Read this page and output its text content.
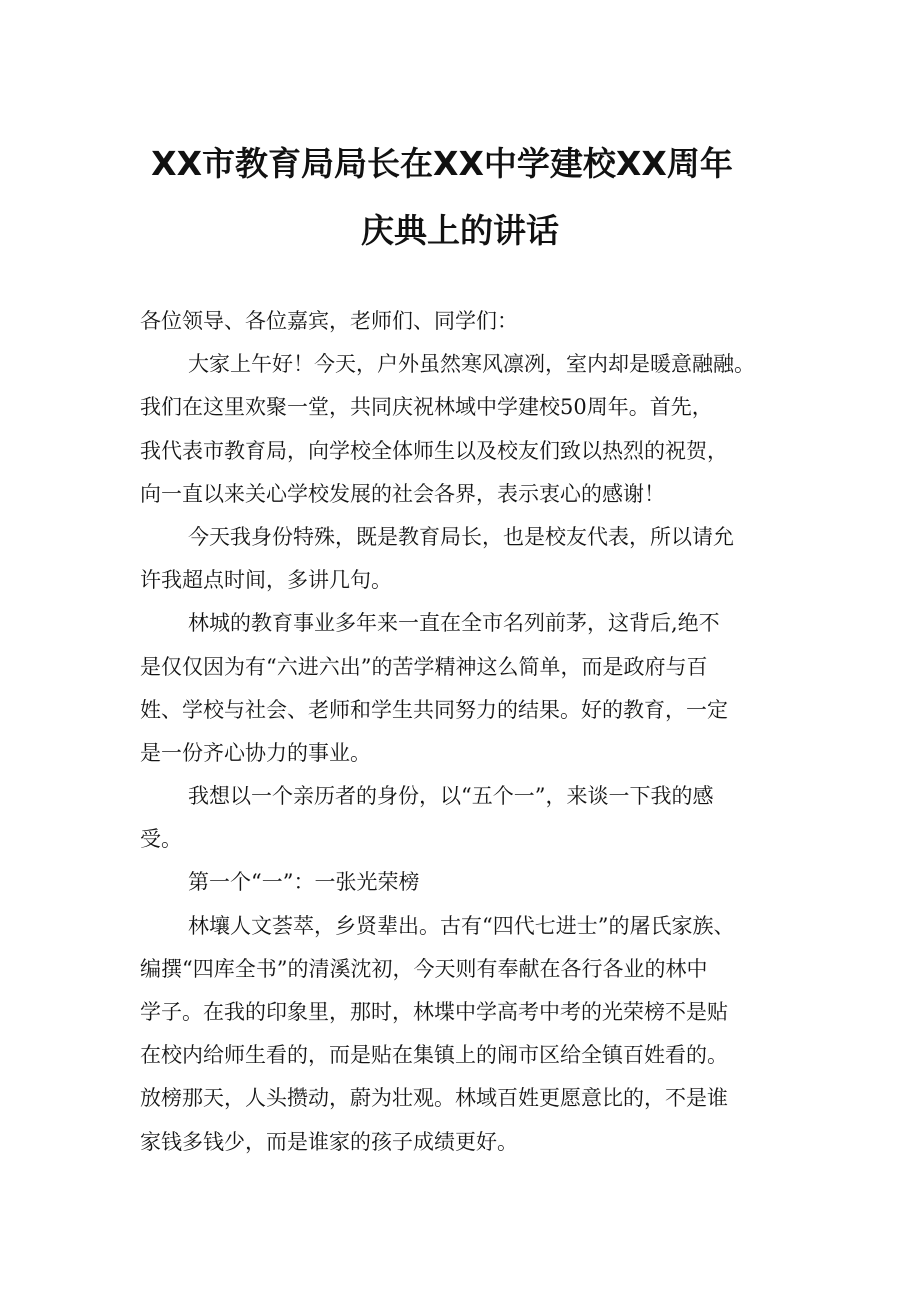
XX市教育局局长在XX中学建校XX周年
庆典上的讲话
各位领导、各位嘉宾，老师们、同学们：
大家上午好！今天，户外虽然寒风凛冽，室内却是暖意融融。
我们在这里欢聚一堂，共同庆祝林域中学建校50周年。首先，
我代表市教育局，向学校全体师生以及校友们致以热烈的祝贺，
向一直以来关心学校发展的社会各界，表示衷心的感谢！
今天我身份特殊，既是教育局长，也是校友代表，所以请允
许我超点时间，多讲几句。
林城的教育事业多年来一直在全市名列前茅，这背后,绝不
是仅仅因为有“六进六出”的苦学精神这么简单，而是政府与百
姓、学校与社会、老师和学生共同努力的结果。好的教育，一定
是一份齐心协力的事业。
我想以一个亲历者的身份，以“五个一”，来谈一下我的感
受。
第一个“一”：一张光荣榜
林壤人文荟萃，乡贤辈出。古有“四代七进士”的屠氏家族、
编撰“四库全书”的清溪沈初，今天则有奉献在各行各业的林中
学子。在我的印象里，那时，林堞中学高考中考的光荣榜不是贴
在校内给师生看的，而是贴在集镇上的闹市区给全镇百姓看的。
放榜那天，人头攒动，蔚为壮观。林域百姓更愿意比的，不是谁
家钱多钱少，而是谁家的孩子成绩更好。
